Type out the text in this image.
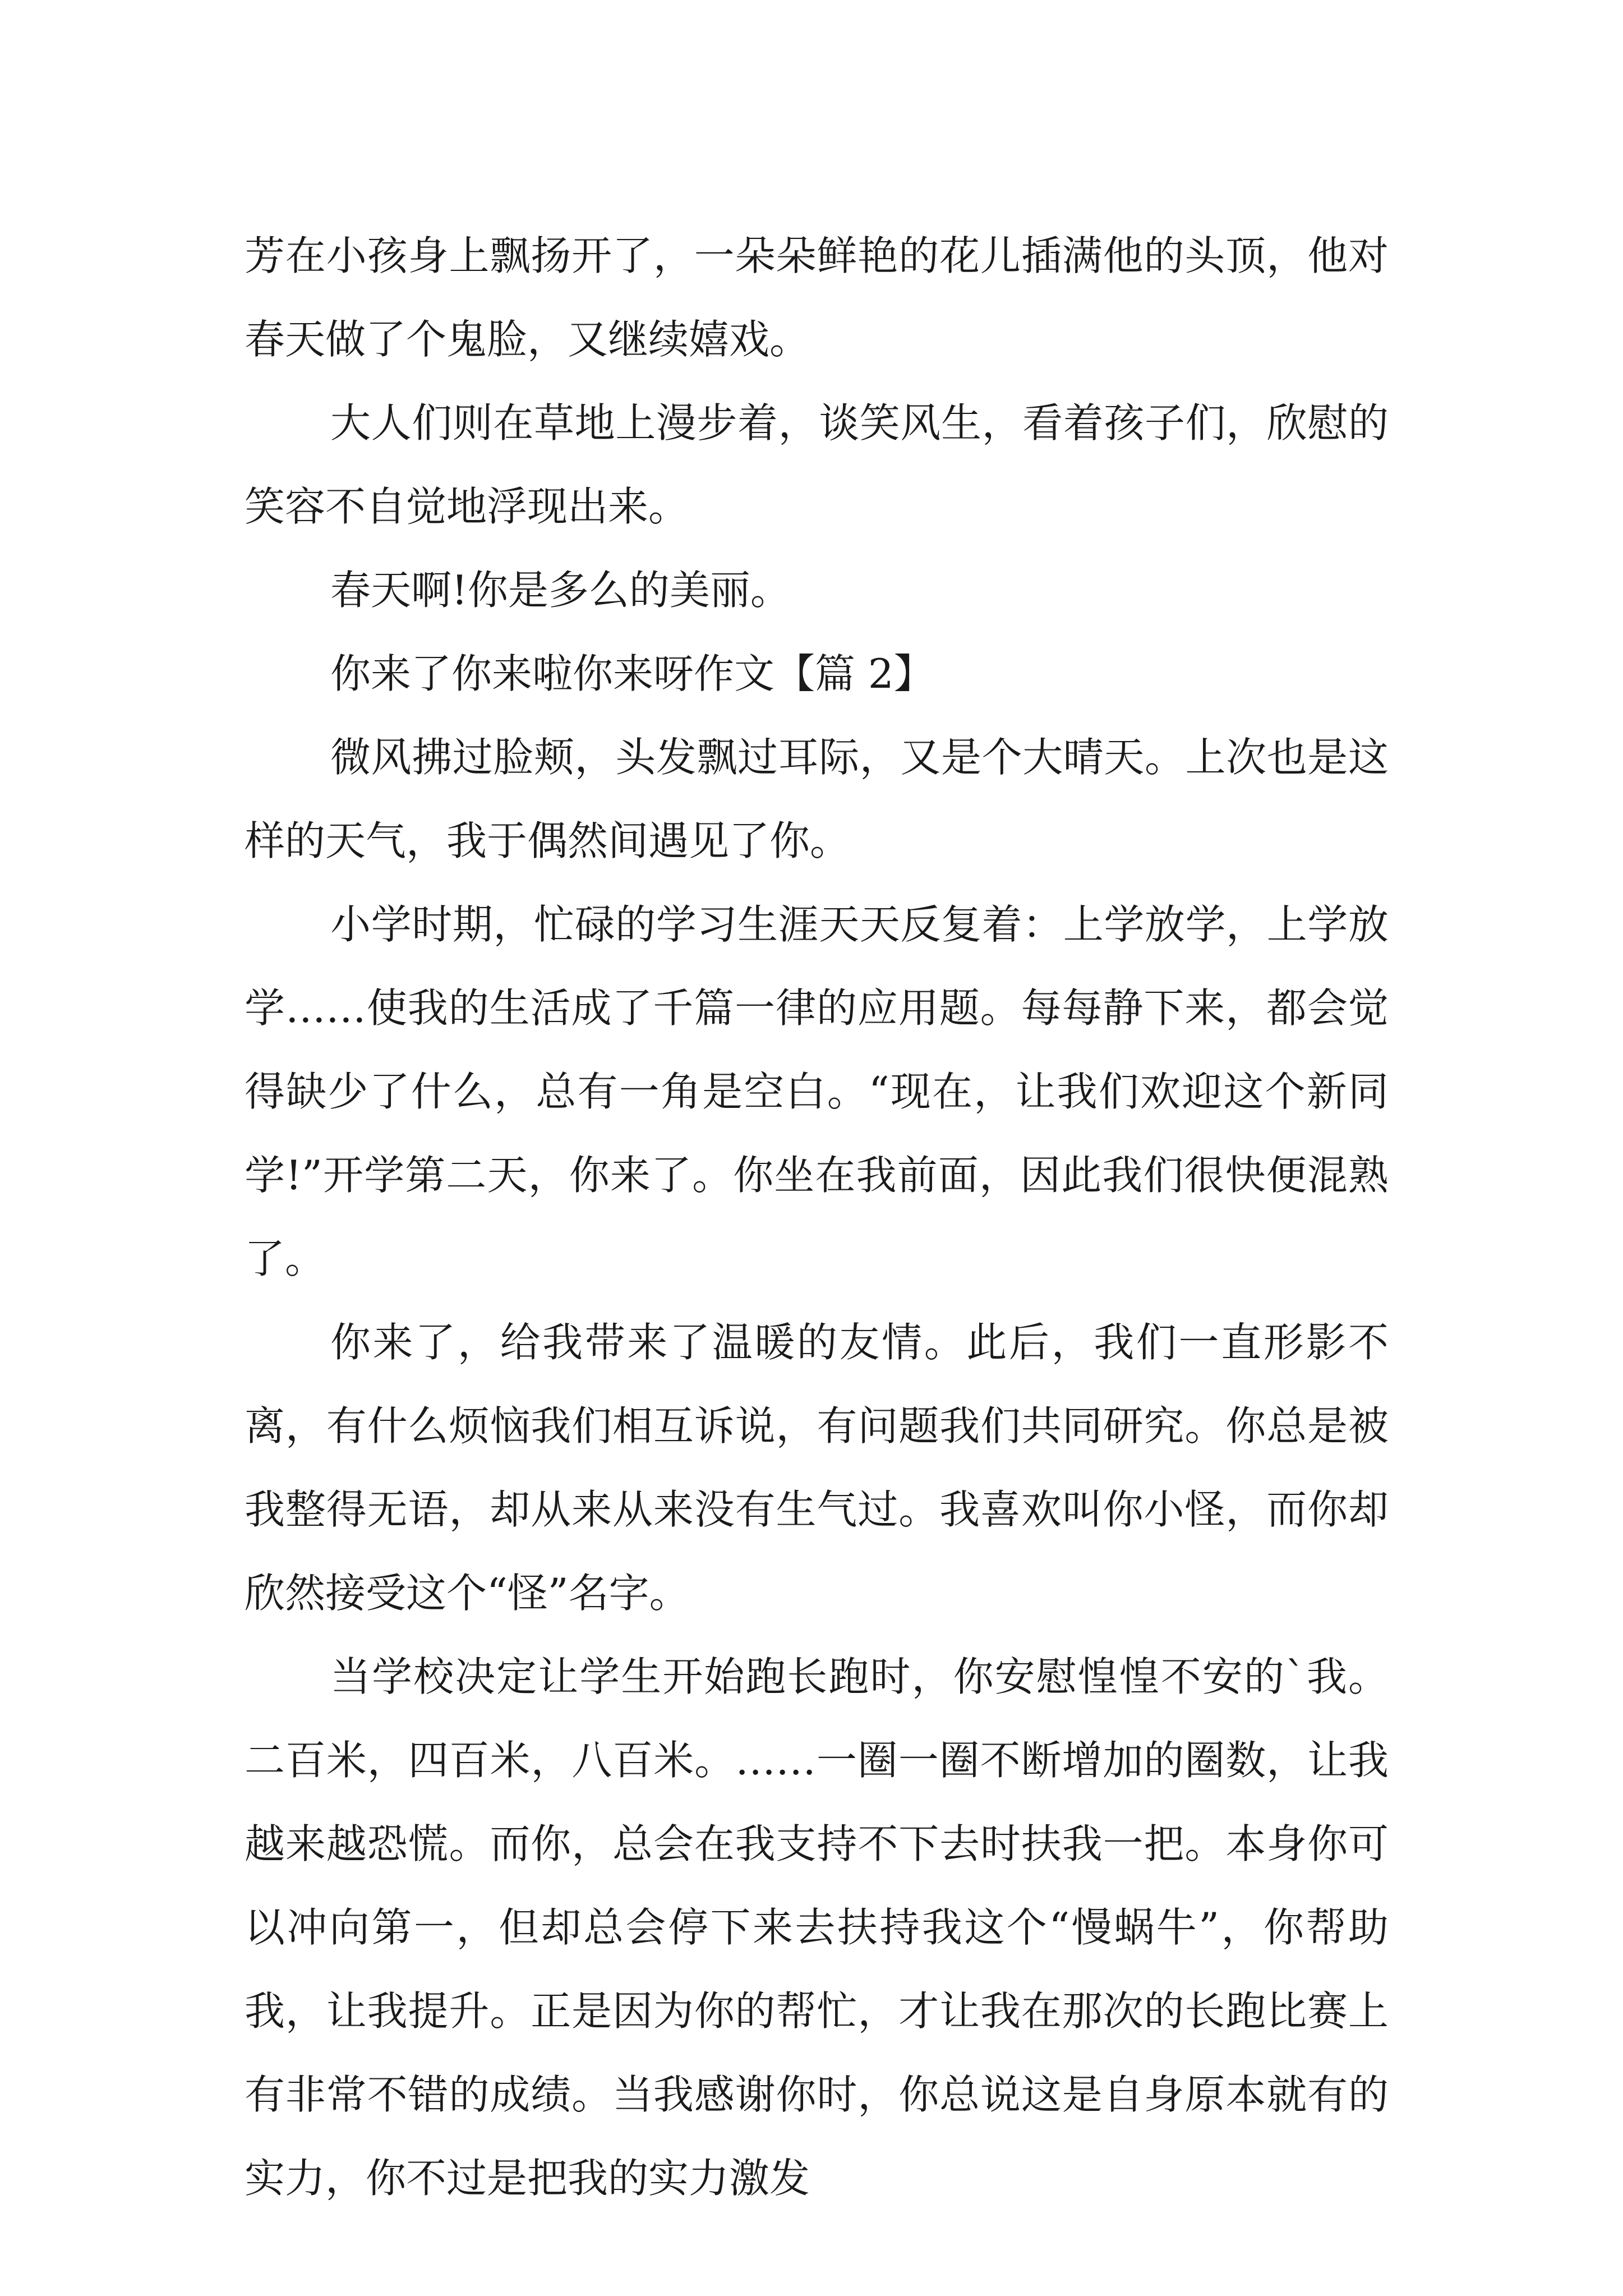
芳在小孩身上飘扬开了，一朵朵鲜艳的花儿插满他的头顶，他对春天做了个鬼脸，又继续嬉戏。

大人们则在草地上漫步着，谈笑风生，看着孩子们，欣慰的笑容不自觉地浮现出来。

春天啊!你是多么的美丽。

你来了你来啦你来呀作文【篇 2】

微风拂过脸颊，头发飘过耳际，又是个大晴天。上次也是这样的天气，我于偶然间遇见了你。

小学时期，忙碌的学习生涯天天反复着：上学放学，上学放学……使我的生活成了千篇一律的应用题。每每静下来，都会觉得缺少了什么，总有一角是空白。“现在，让我们欢迎这个新同学!”开学第二天，你来了。你坐在我前面，因此我们很快便混熟了。

你来了，给我带来了温暖的友情。此后，我们一直形影不离，有什么烦恼我们相互诉说，有问题我们共同研究。你总是被我整得无语，却从来从来没有生气过。我喜欢叫你小怪，而你却欣然接受这个“怪”名字。

当学校决定让学生开始跑长跑时，你安慰惶惶不安的`我。二百米，四百米，八百米。……一圈一圈不断增加的圈数，让我越来越恐慌。而你，总会在我支持不下去时扶我一把。本身你可以冲向第一，但却总会停下来去扶持我这个“慢蜗牛”，你帮助我，让我提升。正是因为你的帮忙，才让我在那次的长跑比赛上有非常不错的成绩。当我感谢你时，你总说这是自身原本就有的实力，你不过是把我的实力激发
